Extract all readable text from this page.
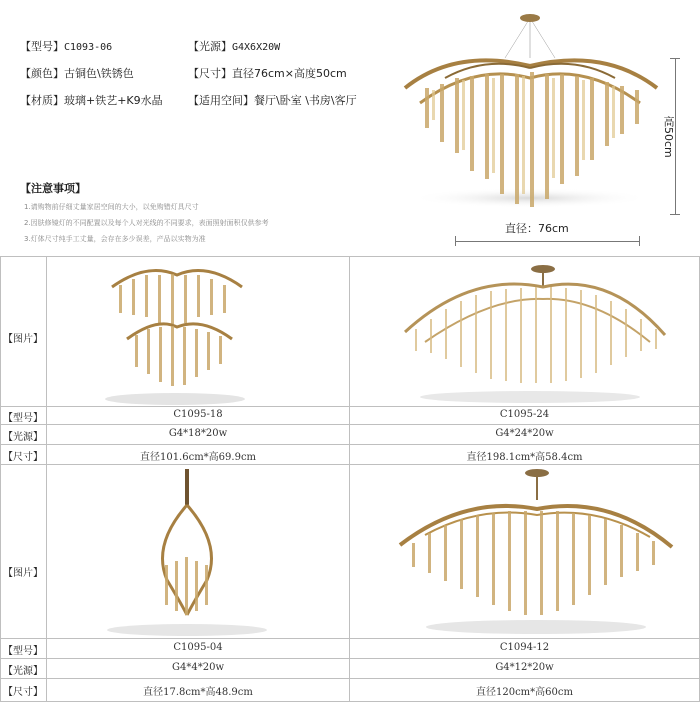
【型号】C1093-06	【光源】G4X6X20W
【颜色】古铜色\铁锈色	【尺寸】直径76cm×高度50cm
【材质】玻璃+铁艺+K9水晶 【适用空间】餐厅\卧室 \书房\客厅
【注意事项】
1.请购物前仔细丈量家居空间的大小，以免购错灯具尺寸
2.因肤修镜灯的不同配置以及每个人对光线的不同要求，表面照射面积仅供参考
3.灯体尺寸纯手工丈量，会存在多少误差，产品以实物为准
高50cm
直径：76cm
【图片】
【型号】
【光源】
【尺寸】
【图片】
【型号】
【光源】
【尺寸】
C1095-18
G4*18*20w
直径101.6cm*高69.9cm
C1095-24
G4*24*20w
直径198.1cm*高58.4cm
C1095-04
G4*4*20w
直径17.8cm*高48.9cm
C1094-12
G4*12*20w
直径120cm*高60cm
